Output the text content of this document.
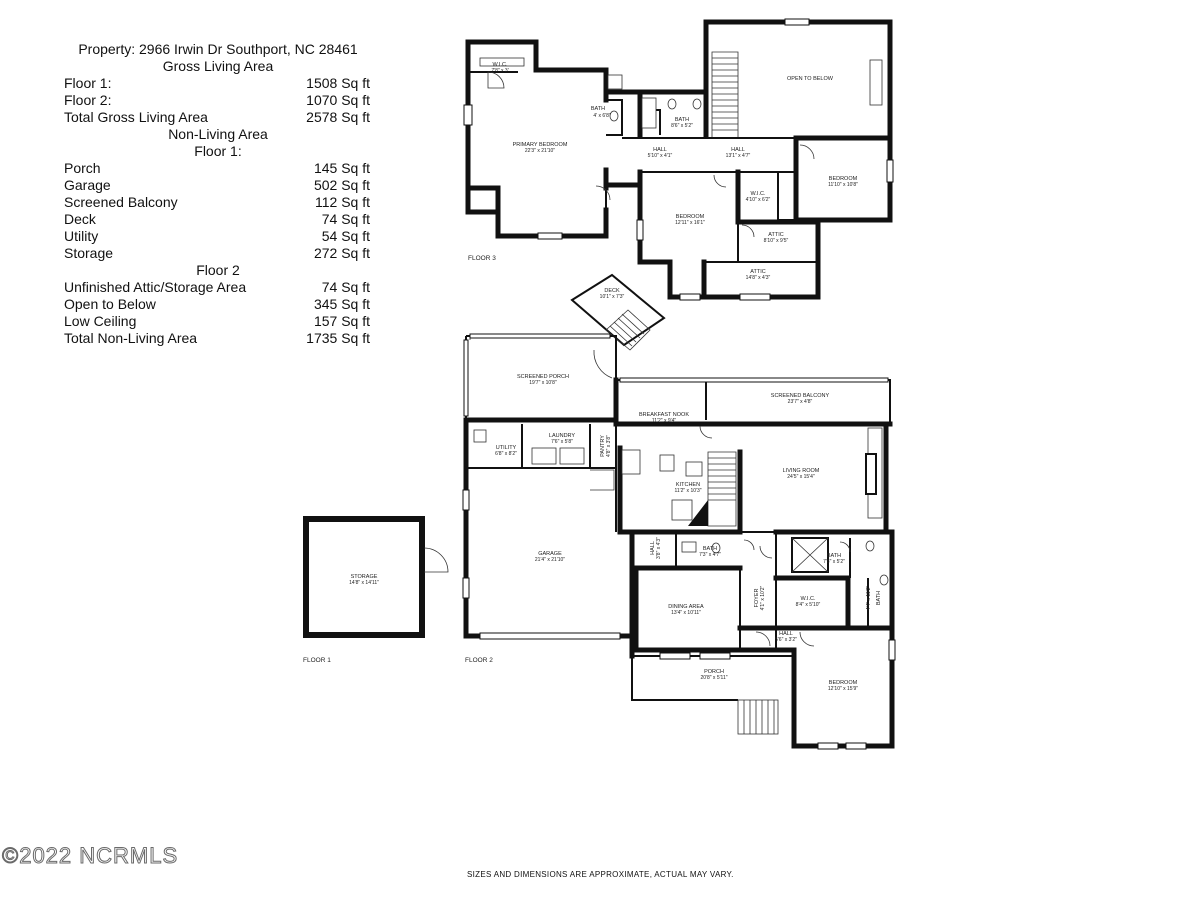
Property: 2966 Irwin Dr Southport, NC 28461
Gross Living Area
Floor 1:	1508 Sq ft
Floor 2:	1070 Sq ft
Total Gross Living Area	2578 Sq ft
Non-Living Area
Floor 1:
Porch	145 Sq ft
Garage	502 Sq ft
Screened Balcony	112 Sq ft
Deck	74 Sq ft
Utility	54 Sq ft
Storage	272 Sq ft
Floor 2
Unfinished Attic/Storage Area	74 Sq ft
Open to Below	345 Sq ft
Low Ceiling	157 Sq ft
Total Non-Living Area	1735 Sq ft
FLOOR 3
FLOOR 2
FLOOR 1
STORAGE
14'8" x 14'11"
SCREENED PORCH
19'7" x 10'8"
DECK
10'1" x 7'3"
BREAKFAST NOOK
11'2" x 9'4"
SCREENED BALCONY
23'7" x 4'8"
UTILITY
6'8" x 8'2"
LAUNDRY
7'6" x 5'8"	PANTRY 4'8" x 3'8"
KITCHEN
11'2" x 10'3"
LIVING ROOM
24'5" x 15'4"
GARAGE
21'4" x 21'10"
HALL 3'8" x 4'3"	BATH
7'3" x 4'7"
FOYER 4'1" x 10'2"
BATH
7'8" x 5'2"
BATH
4'4" x 11'2"
W.I.C.
8'4" x 5'10"
DINING AREA
13'4" x 10'11"
HALL
5'6" x 3'2"
PORCH
20'8" x 5'11"
BEDROOM
12'10" x 15'9"
W.I.C.
7'8" x 3'
PRIMARY BEDROOM
22'3" x 21'10"
BATH
4' x 6'8"
BATH
8'6" x 5'2"
OPEN TO BELOW
HALL
5'10" x 4'1"
HALL
13'1" x 4'7"
BEDROOM
11'10" x 10'8"
W.I.C.
4'10" x 6'2"
BEDROOM
12'11" x 16'1"
ATTIC
8'10" x 9'5"
ATTIC
14'8" x 4'3"
©2022 NCRMLS
SIZES AND DIMENSIONS ARE APPROXIMATE, ACTUAL MAY VARY.
